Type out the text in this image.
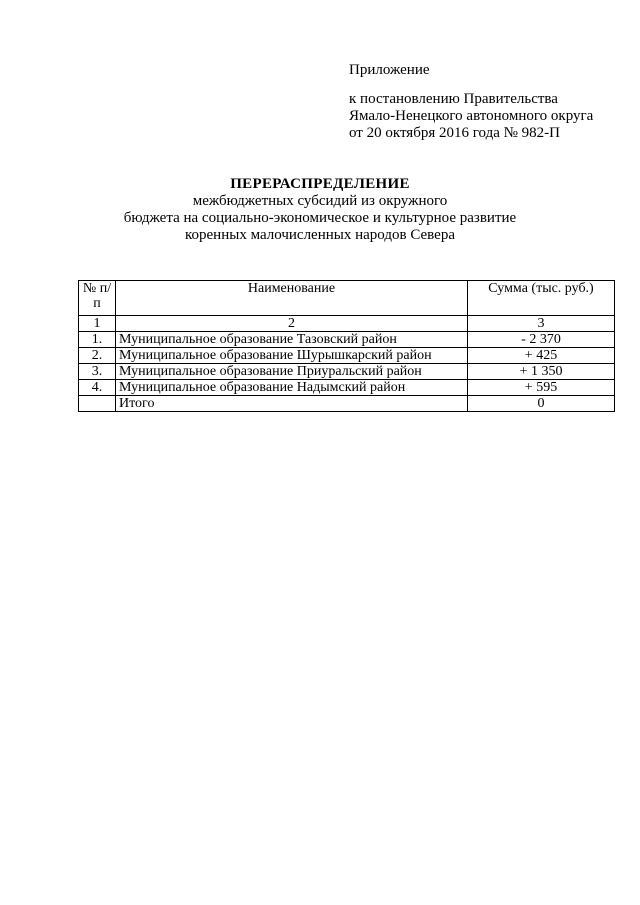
Приложение
к постановлению Правительства
Ямало-Ненецкого автономного округа
от 20 октября 2016 года № 982-П
ПЕРЕРАСПРЕДЕЛЕНИЕ
межбюджетных субсидий из окружного
бюджета на социально-экономическое и культурное развитие
коренных малочисленных народов Севера
№ п/п	Наименование	Сумма (тыс. руб.)
1	2	3
1.	Муниципальное образование Тазовский район	- 2 370
2.	Муниципальное образование Шурышкарский район	+ 425
3.	Муниципальное образование Приуральский район	+ 1 350
4.	Муниципальное образование Надымский район	+ 595
	Итого	0
